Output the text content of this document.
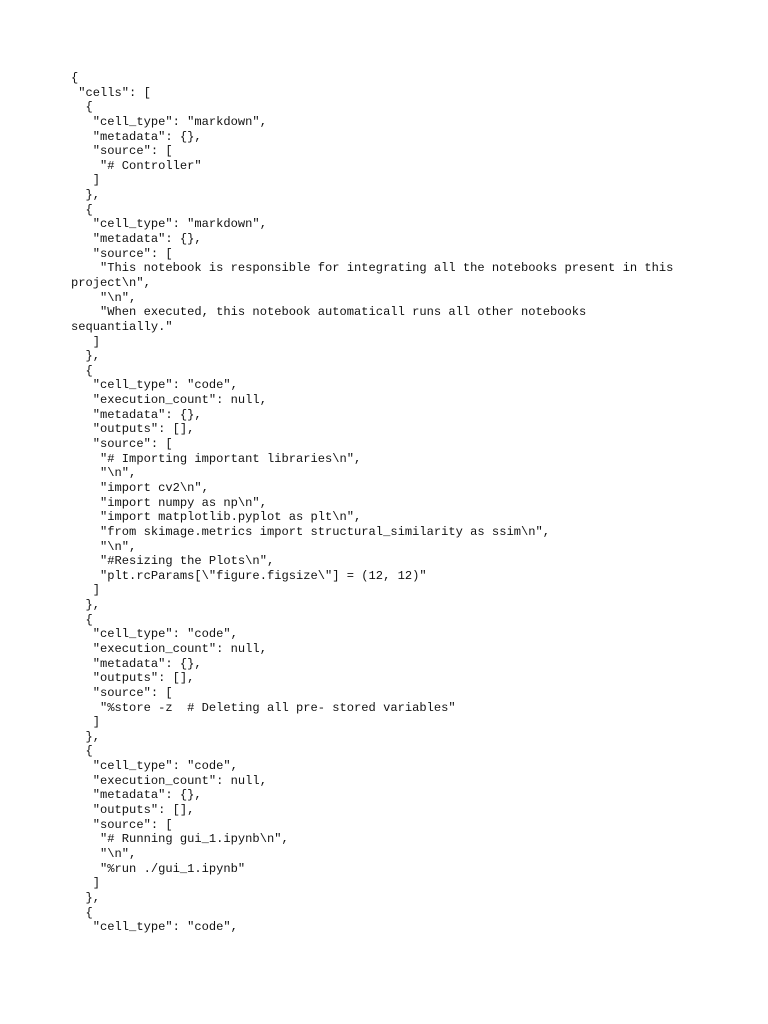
{
"cells": [
{
"cell_type": "markdown",
"metadata": {},
"source": [
"# Controller"
]
},
{
"cell_type": "markdown",
"metadata": {},
"source": [
"This notebook is responsible for integrating all the notebooks present in this
project\n",
"\n",
"When executed, this notebook automaticall runs all other notebooks
sequantially."
]
},
{
"cell_type": "code",
"execution_count": null,
"metadata": {},
"outputs": [],
"source": [
"# Importing important libraries\n",
"\n",
"import cv2\n",
"import numpy as np\n",
"import matplotlib.pyplot as plt\n",
"from skimage.metrics import structural_similarity as ssim\n",
"\n",
"#Resizing the Plots\n",
"plt.rcParams[\"figure.figsize\"] = (12, 12)"
]
},
{
"cell_type": "code",
"execution_count": null,
"metadata": {},
"outputs": [],
"source": [
"%store -z  # Deleting all pre- stored variables"
]
},
{
"cell_type": "code",
"execution_count": null,
"metadata": {},
"outputs": [],
"source": [
"# Running gui_1.ipynb\n",
"\n",
"%run ./gui_1.ipynb"
]
},
{
"cell_type": "code",
